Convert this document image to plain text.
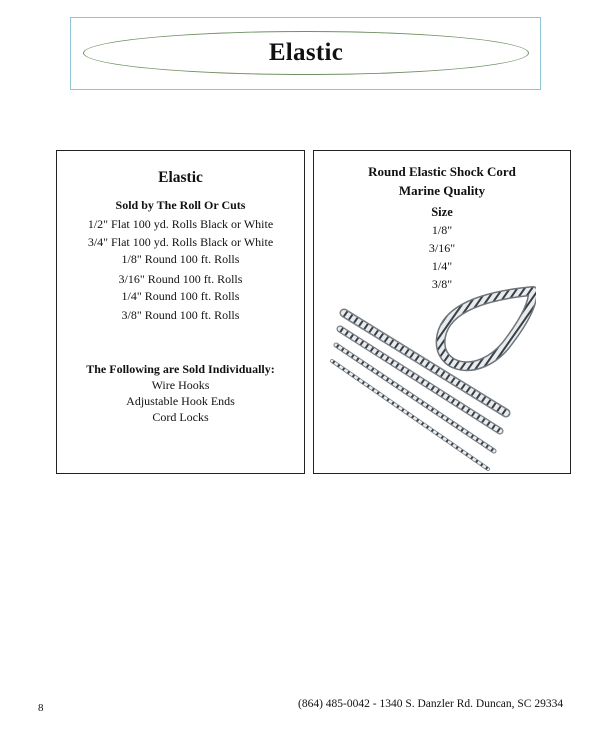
Elastic
Elastic
Sold by The Roll Or Cuts
1/2" Flat 100 yd. Rolls Black or White
3/4" Flat 100 yd. Rolls Black or White
1/8" Round 100 ft. Rolls
3/16" Round 100 ft. Rolls
1/4" Round 100 ft. Rolls
3/8" Round 100 ft. Rolls
The Following are Sold Individually:
Wire Hooks
Adjustable Hook Ends
Cord Locks
Round Elastic Shock Cord
Marine Quality
Size
1/8"
3/16"
1/4"
3/8"
8	(864) 485-0042 - 1340 S. Danzler Rd. Duncan, SC 29334
